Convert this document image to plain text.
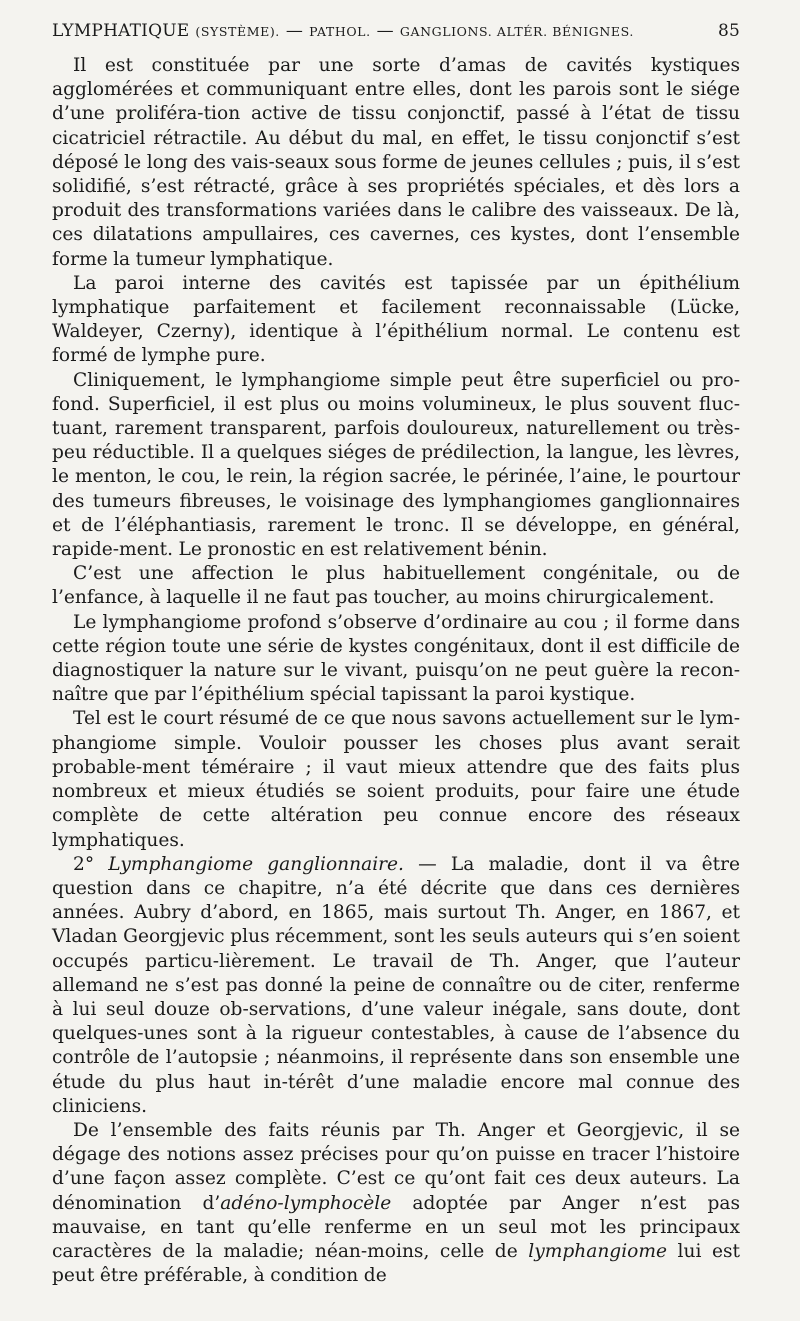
LYMPHATIQUE (SYSTÈME). — PATHOL. — GANGLIONS. ALTÉR. BÉNIGNES.	85

Il est constituée par une sorte d’amas de cavités kystiques agglomérées et communiquant entre elles, dont les parois sont le siége d’une proliféra-tion active de tissu conjonctif, passé à l’état de tissu cicatriciel rétractile. Au début du mal, en effet, le tissu conjonctif s’est déposé le long des vais-seaux sous forme de jeunes cellules ; puis, il s’est solidifié, s’est rétracté, grâce à ses propriétés spéciales, et dès lors a produit des transformations variées dans le calibre des vaisseaux. De là, ces dilatations ampullaires, ces cavernes, ces kystes, dont l’ensemble forme la tumeur lymphatique.

La paroi interne des cavités est tapissée par un épithélium lymphatique parfaitement et facilement reconnaissable (Lücke, Waldeyer, Czerny), identique à l’épithélium normal. Le contenu est formé de lymphe pure.

Cliniquement, le lymphangiome simple peut être superficiel ou pro-fond. Superficiel, il est plus ou moins volumineux, le plus souvent fluc-tuant, rarement transparent, parfois douloureux, naturellement ou très-peu réductible. Il a quelques siéges de prédilection, la langue, les lèvres, le menton, le cou, le rein, la région sacrée, le périnée, l’aine, le pourtour des tumeurs fibreuses, le voisinage des lymphangiomes ganglionnaires et de l’éléphantiasis, rarement le tronc. Il se développe, en général, rapide-ment. Le pronostic en est relativement bénin.

C’est une affection le plus habituellement congénitale, ou de l’enfance, à laquelle il ne faut pas toucher, au moins chirurgicalement.

Le lymphangiome profond s’observe d’ordinaire au cou ; il forme dans cette région toute une série de kystes congénitaux, dont il est difficile de diagnostiquer la nature sur le vivant, puisqu’on ne peut guère la recon-naître que par l’épithélium spécial tapissant la paroi kystique.

Tel est le court résumé de ce que nous savons actuellement sur le lym-phangiome simple. Vouloir pousser les choses plus avant serait probable-ment téméraire ; il vaut mieux attendre que des faits plus nombreux et mieux étudiés se soient produits, pour faire une étude complète de cette altération peu connue encore des réseaux lymphatiques.

2° Lymphangiome ganglionnaire. — La maladie, dont il va être question dans ce chapitre, n’a été décrite que dans ces dernières années. Aubry d’abord, en 1865, mais surtout Th. Anger, en 1867, et Vladan Georgjevic plus récemment, sont les seuls auteurs qui s’en soient occupés particu-lièrement. Le travail de Th. Anger, que l’auteur allemand ne s’est pas donné la peine de connaître ou de citer, renferme à lui seul douze ob-servations, d’une valeur inégale, sans doute, dont quelques-unes sont à la rigueur contestables, à cause de l’absence du contrôle de l’autopsie ; néanmoins, il représente dans son ensemble une étude du plus haut in-térêt d’une maladie encore mal connue des cliniciens.

De l’ensemble des faits réunis par Th. Anger et Georgjevic, il se dégage des notions assez précises pour qu’on puisse en tracer l’histoire d’une façon assez complète. C’est ce qu’ont fait ces deux auteurs. La dénomination d’adéno-lymphocèle adoptée par Anger n’est pas mauvaise, en tant qu’elle renferme en un seul mot les principaux caractères de la maladie; néan-moins, celle de lymphangiome lui est peut être préférable, à condition de
